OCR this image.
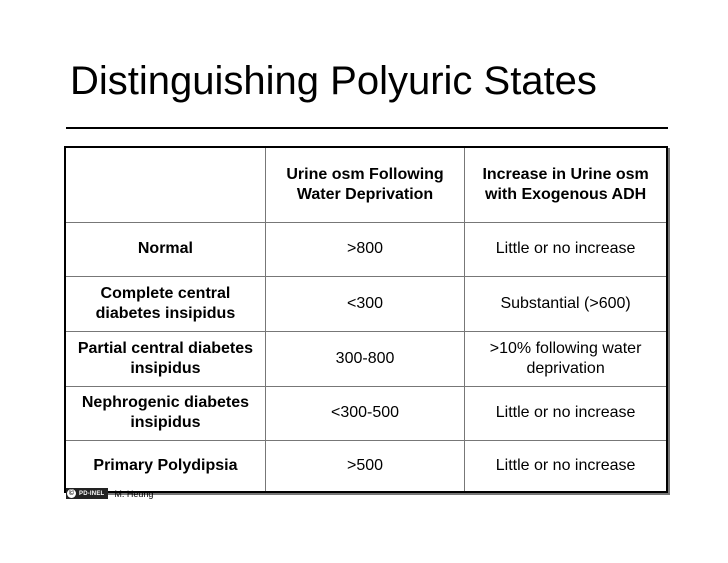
Distinguishing Polyuric States
	Urine osm Following Water Deprivation	Increase in Urine osm with Exogenous ADH
Normal	>800	Little or no increase
Complete central diabetes insipidus	<300	Substantial (>600)
Partial central diabetes insipidus	300-800	>10% following water deprivation
Nephrogenic diabetes insipidus	<300-500	Little or no increase
Primary Polydipsia	>500	Little or no increase
© PD-INEL M. Heung
